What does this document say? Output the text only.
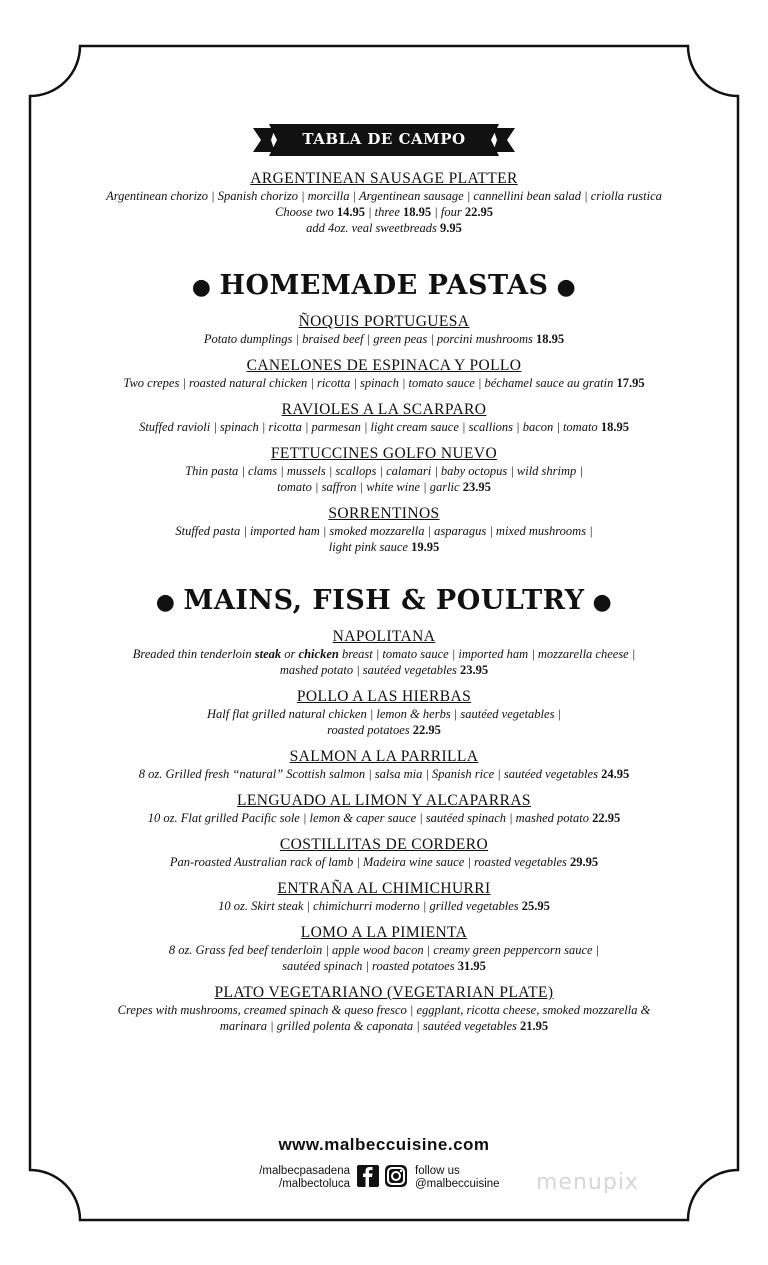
TABLA DE CAMPO
ARGENTINEAN SAUSAGE PLATTER
Argentinean chorizo | Spanish chorizo | morcilla | Argentinean sausage | cannellini bean salad | criolla rustica
Choose two 14.95 | three 18.95 | four 22.95
add 4oz. veal sweetbreads 9.95
● HOMEMADE PASTAS ●
ÑOQUIS PORTUGUESA
Potato dumplings | braised beef | green peas | porcini mushrooms 18.95
CANELONES DE ESPINACA Y POLLO
Two crepes | roasted natural chicken | ricotta | spinach | tomato sauce | béchamel sauce au gratin 17.95
RAVIOLES A LA SCARPARO
Stuffed ravioli | spinach | ricotta | parmesan | light cream sauce | scallions | bacon | tomato 18.95
FETTUCCINES GOLFO NUEVO
Thin pasta | clams | mussels | scallops | calamari | baby octopus | wild shrimp |
tomato | saffron | white wine | garlic 23.95
SORRENTINOS
Stuffed pasta | imported ham | smoked mozzarella | asparagus | mixed mushrooms |
light pink sauce 19.95
● MAINS, FISH & POULTRY ●
NAPOLITANA
Breaded thin tenderloin steak or chicken breast | tomato sauce | imported ham | mozzarella cheese |
mashed potato | sautéed vegetables 23.95
POLLO A LAS HIERBAS
Half flat grilled natural chicken | lemon & herbs | sautéed vegetables |
roasted potatoes 22.95
SALMON A LA PARRILLA
8 oz. Grilled fresh “natural” Scottish salmon | salsa mia | Spanish rice | sautéed vegetables 24.95
LENGUADO AL LIMON Y ALCAPARRAS
10 oz. Flat grilled Pacific sole | lemon & caper sauce | sautéed spinach | mashed potato 22.95
COSTILLITAS DE CORDERO
Pan-roasted Australian rack of lamb | Madeira wine sauce | roasted vegetables 29.95
ENTRAÑA AL CHIMICHURRI
10 oz. Skirt steak | chimichurri moderno | grilled vegetables 25.95
LOMO A LA PIMIENTA
8 oz. Grass fed beef tenderloin | apple wood bacon | creamy green peppercorn sauce |
sautéed spinach | roasted potatoes 31.95
PLATO VEGETARIANO (VEGETARIAN PLATE)
Crepes with mushrooms, creamed spinach & queso fresco | eggplant, ricotta cheese, smoked mozzarella &
marinara | grilled polenta & caponata | sautéed vegetables 21.95
www.malbeccuisine.com
/malbecpasadena
/malbectoluca
follow us
@malbeccuisine menupix
